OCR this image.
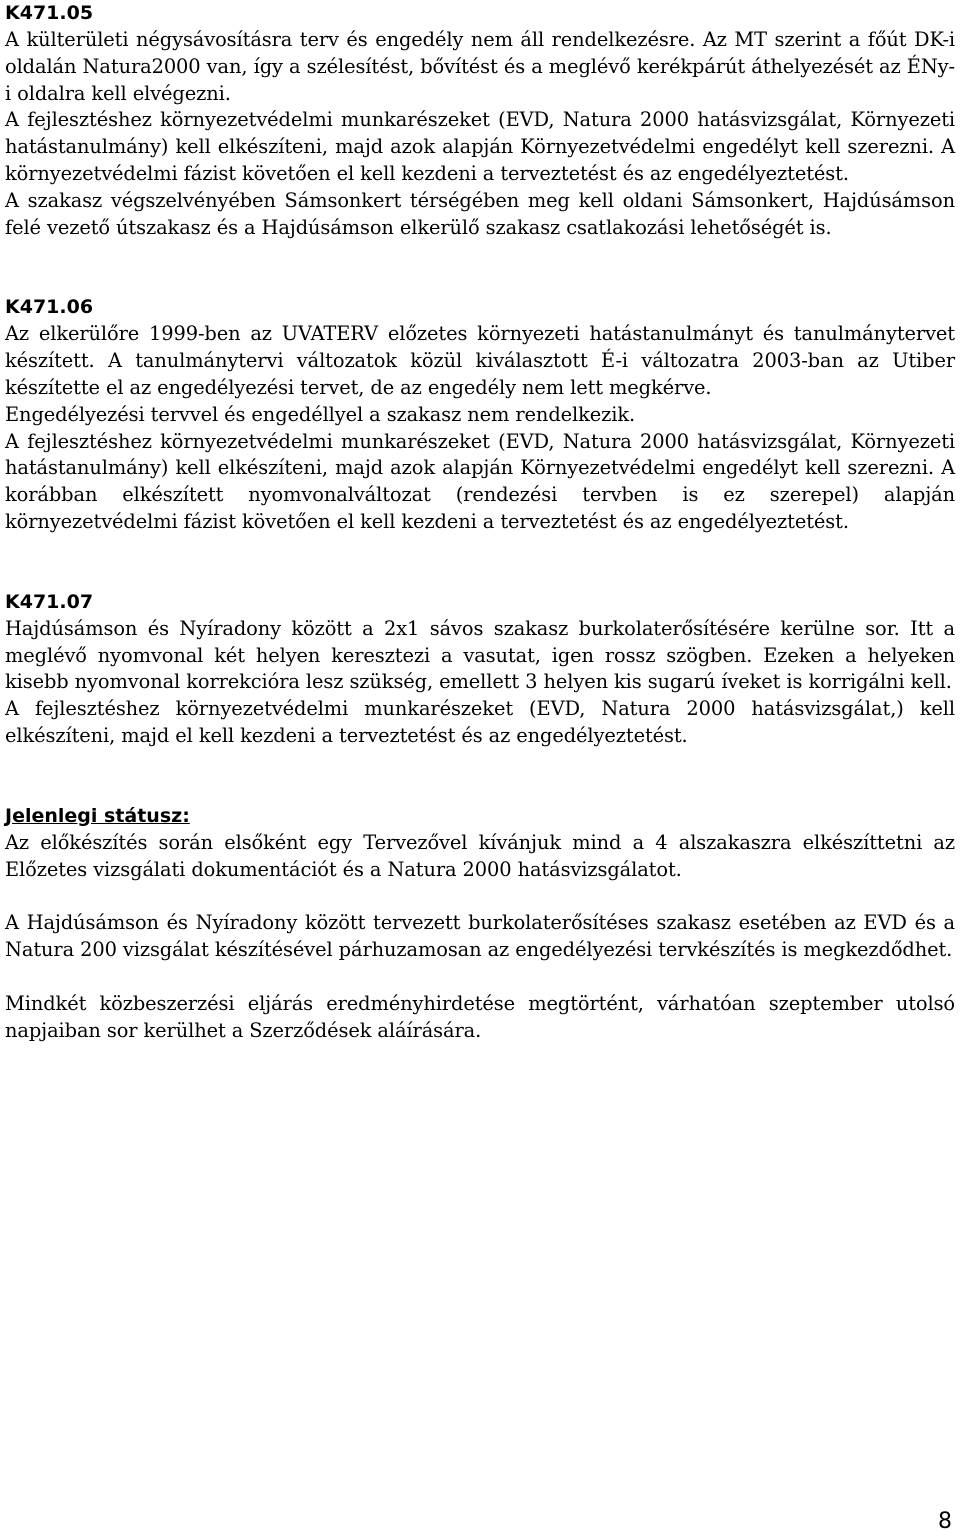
K471.05

A külterületi négysávosításra terv és engedély nem áll rendelkezésre. Az MT szerint a főút DK-i oldalán Natura2000 van, így a szélesítést, bővítést és a meglévő kerékpárút áthelyezését az ÉNy-i oldalra kell elvégezni.

A fejlesztéshez környezetvédelmi munkarészeket (EVD, Natura 2000 hatásvizsgálat, Környezeti hatástanulmány) kell elkészíteni, majd azok alapján Környezetvédelmi engedélyt kell szerezni. A környezetvédelmi fázist követően el kell kezdeni a terveztetést és az engedélyeztetést.

A szakasz végszelvényében Sámsonkert térségében meg kell oldani Sámsonkert, Hajdúsámson felé vezető útszakasz és a Hajdúsámson elkerülő szakasz csatlakozási lehetőségét is.

K471.06

Az elkerülőre 1999-ben az UVATERV előzetes környezeti hatástanulmányt és tanulmánytervet készített. A tanulmánytervi változatok közül kiválasztott É-i változatra 2003-ban az Utiber készítette el az engedélyezési tervet, de az engedély nem lett megkérve.

Engedélyezési tervvel és engedéllyel a szakasz nem rendelkezik.

A fejlesztéshez környezetvédelmi munkarészeket (EVD, Natura 2000 hatásvizsgálat, Környezeti hatástanulmány) kell elkészíteni, majd azok alapján Környezetvédelmi engedélyt kell szerezni. A korábban elkészített nyomvonalváltozat (rendezési tervben is ez szerepel) alapján környezetvédelmi fázist követően el kell kezdeni a terveztetést és az engedélyeztetést.

K471.07

Hajdúsámson és Nyíradony között a 2x1 sávos szakasz burkolaterősítésére kerülne sor. Itt a meglévő nyomvonal két helyen keresztezi a vasutat, igen rossz szögben. Ezeken a helyeken kisebb nyomvonal korrekcióra lesz szükség, emellett 3 helyen kis sugarú íveket is korrigálni kell.

A fejlesztéshez környezetvédelmi munkarészeket (EVD, Natura 2000 hatásvizsgálat,) kell elkészíteni, majd el kell kezdeni a terveztetést és az engedélyeztetést.

Jelenlegi státusz:

Az előkészítés során elsőként egy Tervezővel kívánjuk mind a 4 alszakaszra elkészíttetni az Előzetes vizsgálati dokumentációt és a Natura 2000 hatásvizsgálatot.

A Hajdúsámson és Nyíradony között tervezett burkolaterősítéses szakasz esetében az EVD és a Natura 200 vizsgálat készítésével párhuzamosan az engedélyezési tervkészítés is megkezdődhet.

Mindkét közbeszerzési eljárás eredményhirdetése megtörtént, várhatóan szeptember utolsó napjaiban sor kerülhet a Szerződések aláírására.

8
